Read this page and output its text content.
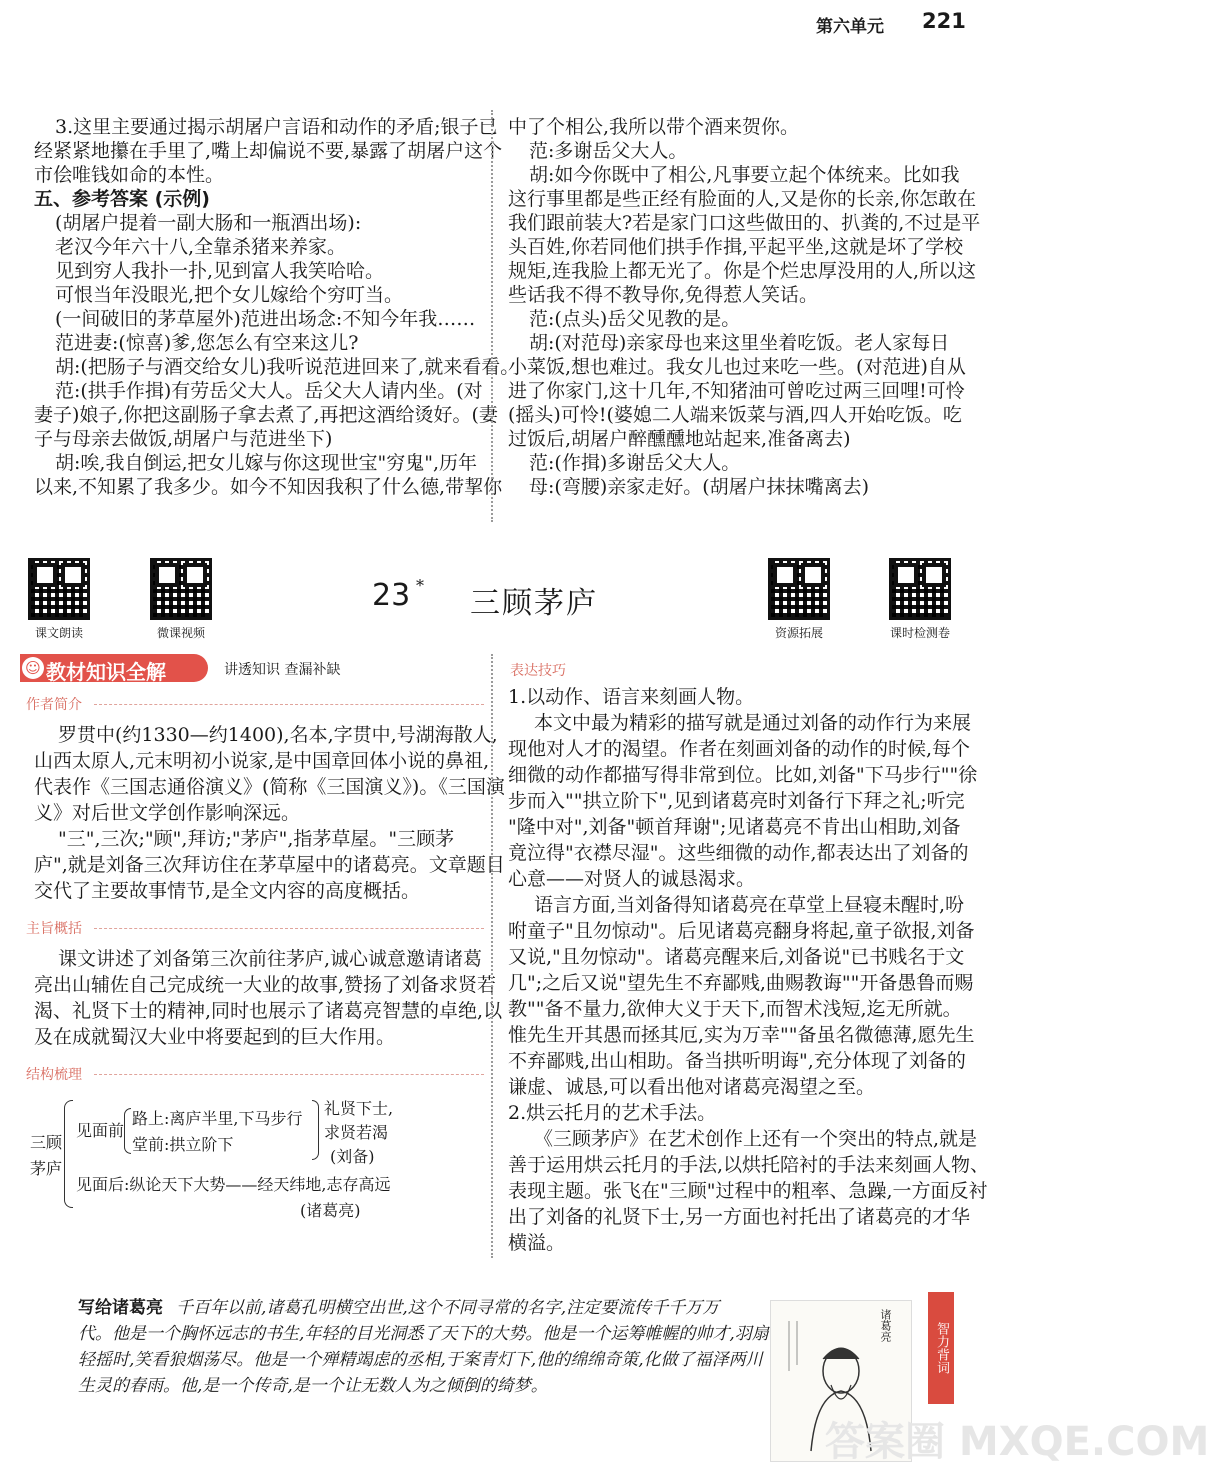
第六单元 221
3.这里主要通过揭示胡屠户言语和动作的矛盾;银子已
经紧紧地攥在手里了,嘴上却偏说不要,暴露了胡屠户这个
市侩唯钱如命的本性。
五、参考答案 (示例)
(胡屠户提着一副大肠和一瓶酒出场):
老汉今年六十八,全靠杀猪来养家。
见到穷人我扑一扑,见到富人我笑哈哈。
可恨当年没眼光,把个女儿嫁给个穷叮当。
(一间破旧的茅草屋外)范进出场念:不知今年我……
范进妻:(惊喜)爹,您怎么有空来这儿?
胡:(把肠子与酒交给女儿)我听说范进回来了,就来看看。
范:(拱手作揖)有劳岳父大人。岳父大人请内坐。(对
妻子)娘子,你把这副肠子拿去煮了,再把这酒给烫好。(妻
子与母亲去做饭,胡屠户与范进坐下)
胡:唉,我自倒运,把女儿嫁与你这现世宝"穷鬼",历年
以来,不知累了我多少。如今不知因我积了什么德,带挈你
中了个相公,我所以带个酒来贺你。
范:多谢岳父大人。
胡:如今你既中了相公,凡事要立起个体统来。比如我
这行事里都是些正经有脸面的人,又是你的长亲,你怎敢在
我们跟前装大?若是家门口这些做田的、扒粪的,不过是平
头百姓,你若同他们拱手作揖,平起平坐,这就是坏了学校
规矩,连我脸上都无光了。你是个烂忠厚没用的人,所以这
些话我不得不教导你,免得惹人笑话。
范:(点头)岳父见教的是。
胡:(对范母)亲家母也来这里坐着吃饭。老人家每日
小菜饭,想也难过。我女儿也过来吃一些。(对范进)自从
进了你家门,这十几年,不知猪油可曾吃过两三回哩!可怜
(摇头)可怜!(婆媳二人端来饭菜与酒,四人开始吃饭。吃
过饭后,胡屠户醉醺醺地站起来,准备离去)
范:(作揖)多谢岳父大人。
母:(弯腰)亲家走好。(胡屠户抹抹嘴离去)
课文朗读	微课视频
23 *
三顾茅庐
资源拓展	课时检测卷
☺ 教材知识全解	讲透知识 查漏补缺
作者简介
罗贯中(约1330—约1400),名本,字贯中,号湖海散人,
山西太原人,元末明初小说家,是中国章回体小说的鼻祖,
代表作《三国志通俗演义》(简称《三国演义》)。《三国演
义》对后世文学创作影响深远。
"三",三次;"顾",拜访;"茅庐",指茅草屋。"三顾茅
庐",就是刘备三次拜访住在茅草屋中的诸葛亮。文章题目
交代了主要故事情节,是全文内容的高度概括。
主旨概括
课文讲述了刘备第三次前往茅庐,诚心诚意邀请诸葛
亮出山辅佐自己完成统一大业的故事,赞扬了刘备求贤若
渴、礼贤下士的精神,同时也展示了诸葛亮智慧的卓绝,以
及在成就蜀汉大业中将要起到的巨大作用。
结构梳理
三顾
茅庐
见面前
路上:离庐半里,下马步行
堂前:拱立阶下
礼贤下士,
求贤若渴
(刘备)
见面后:纵论天下大势——经天纬地,志存高远
(诸葛亮)
表达技巧
1.以动作、语言来刻画人物。
本文中最为精彩的描写就是通过刘备的动作行为来展
现他对人才的渴望。作者在刻画刘备的动作的时候,每个
细微的动作都描写得非常到位。比如,刘备"下马步行""徐
步而入""拱立阶下",见到诸葛亮时刘备行下拜之礼;听完
"隆中对",刘备"顿首拜谢";见诸葛亮不肯出山相助,刘备
竟泣得"衣襟尽湿"。这些细微的动作,都表达出了刘备的
心意——对贤人的诚恳渴求。
语言方面,当刘备得知诸葛亮在草堂上昼寝未醒时,吩
咐童子"且勿惊动"。后见诸葛亮翻身将起,童子欲报,刘备
又说,"且勿惊动"。诸葛亮醒来后,刘备说"已书贱名于文
几";之后又说"望先生不弃鄙贱,曲赐教诲""开备愚鲁而赐
教""备不量力,欲伸大义于天下,而智术浅短,迄无所就。
惟先生开其愚而拯其厄,实为万幸""备虽名微德薄,愿先生
不弃鄙贱,出山相助。备当拱听明诲",充分体现了刘备的
谦虚、诚恳,可以看出他对诸葛亮渴望之至。
2.烘云托月的艺术手法。
《三顾茅庐》在艺术创作上还有一个突出的特点,就是
善于运用烘云托月的手法,以烘托陪衬的手法来刻画人物、
表现主题。张飞在"三顾"过程中的粗率、急躁,一方面反衬
出了刘备的礼贤下士,另一方面也衬托出了诸葛亮的才华
横溢。
写给诸葛亮 千百年以前,诸葛孔明横空出世,这个不同寻常的名字,注定要流传千千万万
代。他是一个胸怀远志的书生,年轻的目光洞悉了天下的大势。他是一个运筹帷幄的帅才,羽扇
轻摇时,笑看狼烟荡尽。他是一个殚精竭虑的丞相,于案青灯下,他的绵绵奇策,化做了福泽两川
生灵的春雨。他,是一个传奇,是一个让无数人为之倾倒的绮梦。
诸葛亮	智力背词
答案圈 MXQE.COM
